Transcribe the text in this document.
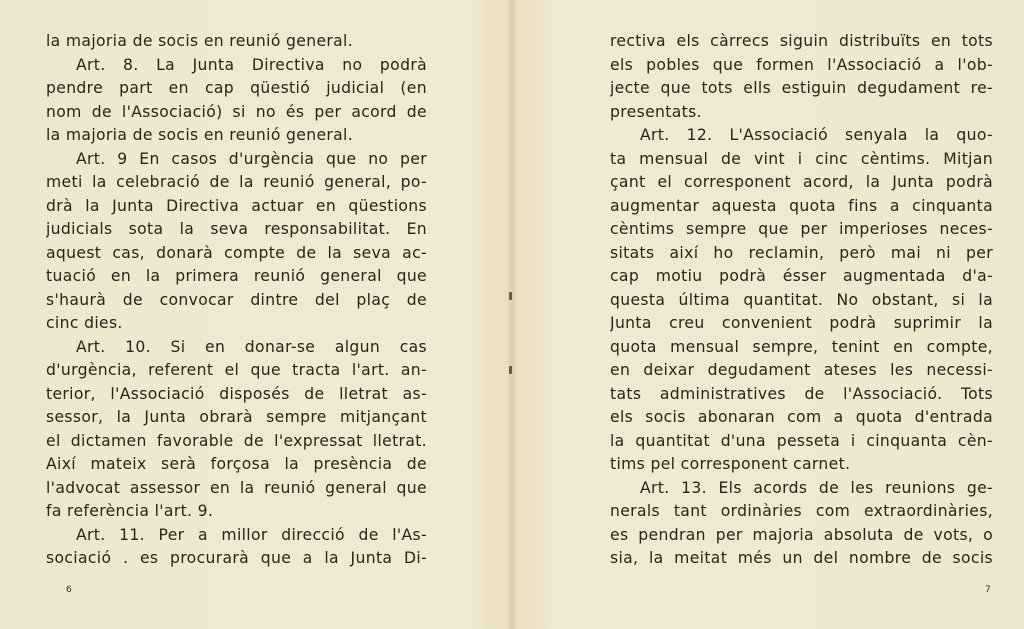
la majoria de socis en reunió general.
Art. 8. La Junta Directiva no podrà
pendre part en cap qüestió judicial (en
nom de l'Associació) si no és per acord de
la majoria de socis en reunió general.
Art. 9 En casos d'urgència que no per
meti la celebració de la reunió general, po-
drà la Junta Directiva actuar en qüestions
judicials sota la seva responsabilitat. En
aquest cas, donarà compte de la seva ac-
tuació en la primera reunió general que
s'haurà de convocar dintre del plaç de
cinc dies.
Art. 10. Si en donar-se algun cas
d'urgència, referent el que tracta l'art. an-
terior, l'Associació disposés de lletrat as-
sessor, la Junta obrarà sempre mitjançant
el dictamen favorable de l'expressat lletrat.
Així mateix serà forçosa la presència de
l'advocat assessor en la reunió general que
fa referència l'art. 9.
Art. 11. Per a millor direcció de l'As-
sociació . es procurarà que a la Junta Di-
6
rectiva els càrrecs siguin distribuïts en tots
els pobles que formen l'Associació a l'ob-
jecte que tots ells estiguin degudament re-
presentats.
Art. 12. L'Associació senyala la quo-
ta mensual de vint i cinc cèntims. Mitjan
çant el corresponent acord, la Junta podrà
augmentar aquesta quota fins a cinquanta
cèntims sempre que per imperioses neces-
sitats així ho reclamin, però mai ni per
cap motiu podrà ésser augmentada d'a-
questa última quantitat. No obstant, si la
Junta creu convenient podrà suprimir la
quota mensual sempre, tenint en compte,
en deixar degudament ateses les necessi-
tats administratives de l'Associació. Tots
els socis abonaran com a quota d'entrada
la quantitat d'una pesseta i cinquanta cèn-
tims pel corresponent carnet.
Art. 13. Els acords de les reunions ge-
nerals tant ordinàries com extraordinàries,
es pendran per majoria absoluta de vots, o
sia, la meitat més un del nombre de socis
7
